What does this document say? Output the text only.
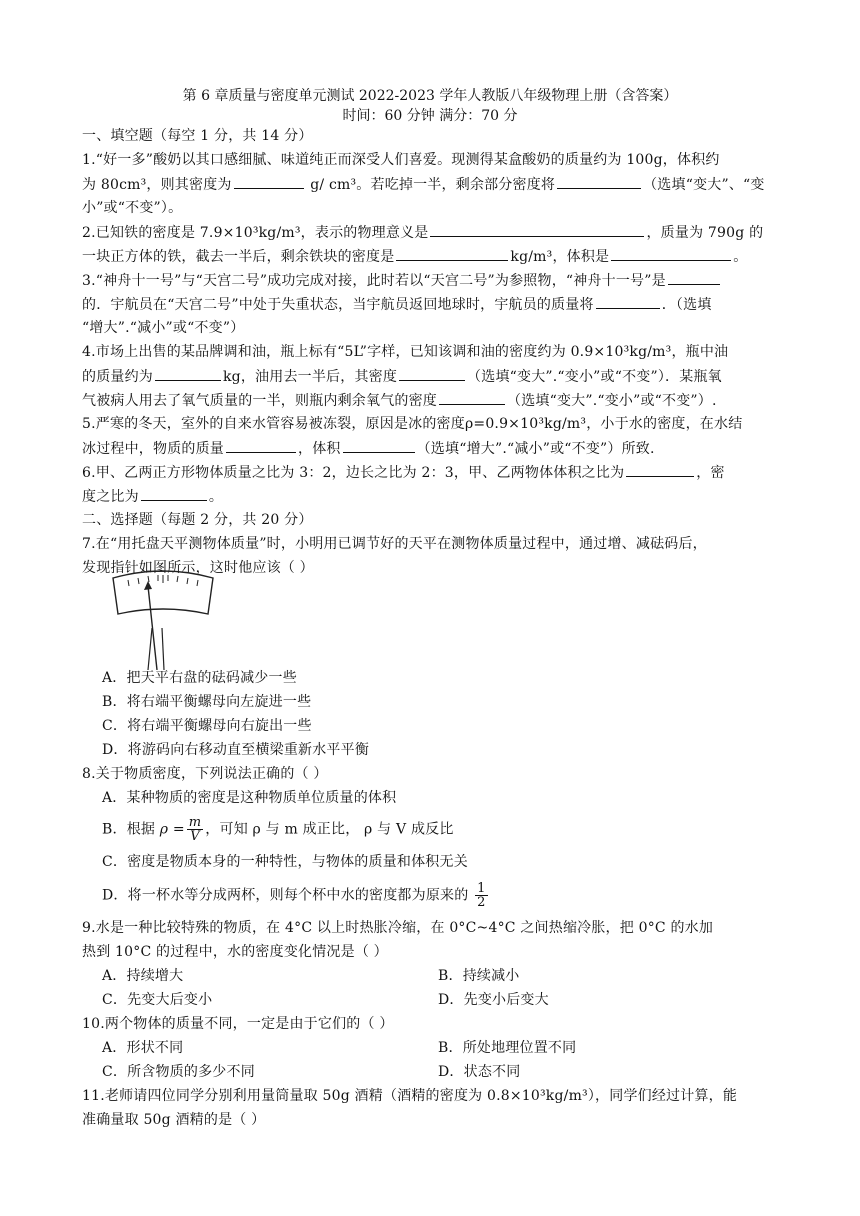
第 6 章质量与密度单元测试 2022-2023 学年人教版八年级物理上册（含答案）
时间：60 分钟 满分：70 分
一、填空题（每空 1 分，共 14 分）
1.“好一多”酸奶以其口感细腻、味道纯正而深受人们喜爱。现测得某盒酸奶的质量约为 100g，体积约
为 80cm³，则其密度为	g/ cm³。若吃掉一半，剩余部分密度将	（选填“变大”、“变
小”或“不变”）。
2.已知铁的密度是 7.9×10³kg/m³，表示的物理意义是	，质量为 790g 的
一块正方体的铁，截去一半后，剩余铁块的密度是	kg/m³，体积是	。
3.“神舟十一号”与“天宫二号”成功完成对接，此时若以“天宫二号”为参照物，“神舟十一号”是
的．宇航员在“天宫二号”中处于失重状态，当宇航员返回地球时，宇航员的质量将	．（选填
“增大”.“减小”或“不变”）
4.市场上出售的某品牌调和油，瓶上标有“5L”字样，已知该调和油的密度约为 0.9×10³kg/m³，瓶中油
的质量约为	kg，油用去一半后，其密度	（选填“变大”.“变小”或“不变”）．某瓶氧
气被病人用去了氧气质量的一半，则瓶内剩余氧气的密度	（选填“变大”.“变小”或“不变”）.
5.严寒的冬天，室外的自来水管容易被冻裂，原因是冰的密度ρ=0.9×10³kg/m³，小于水的密度，在水结
冰过程中，物质的质量	，体积	（选填“增大”.“减小”或“不变”）所致.
6.甲、乙两正方形物体质量之比为 3：2，边长之比为 2：3，甲、乙两物体体积之比为	，密
度之比为	。
二、选择题（每题 2 分，共 20 分）
7.在“用托盘天平测物体质量”时，小明用已调节好的天平在测物体质量过程中，通过增、减砝码后，
发现指针如图所示，这时他应该（ ）
A．把天平右盘的砝码减少一些
B．将右端平衡螺母向左旋进一些
C．将右端平衡螺母向右旋出一些
D．将游码向右移动直至横梁重新水平平衡
8.关于物质密度，下列说法正确的（ ）
A．某种物质的密度是这种物质单位质量的体积
B．根据 $\rho = \frac{m}{V}$ ，可知 ρ 与 m 成正比， ρ 与 V 成反比
C．密度是物质本身的一种特性，与物体的质量和体积无关
D．将一杯水等分成两杯，则每个杯中水的密度都为原来的 $\frac{1}{2}$
9.水是一种比较特殊的物质，在 4°C 以上时热胀冷缩，在 0°C~4°C 之间热缩冷胀，把 0°C 的水加
热到 10°C 的过程中，水的密度变化情况是（ ）
A．持续增大	B．持续减小
C．先变大后变小	D．先变小后变大
10.两个物体的质量不同，一定是由于它们的（ ）
A．形状不同	B．所处地理位置不同
C．所含物质的多少不同	D．状态不同
11.老师请四位同学分别利用量筒量取 50g 酒精（酒精的密度为 0.8×10³kg/m³），同学们经过计算，能
准确量取 50g 酒精的是（ ）
